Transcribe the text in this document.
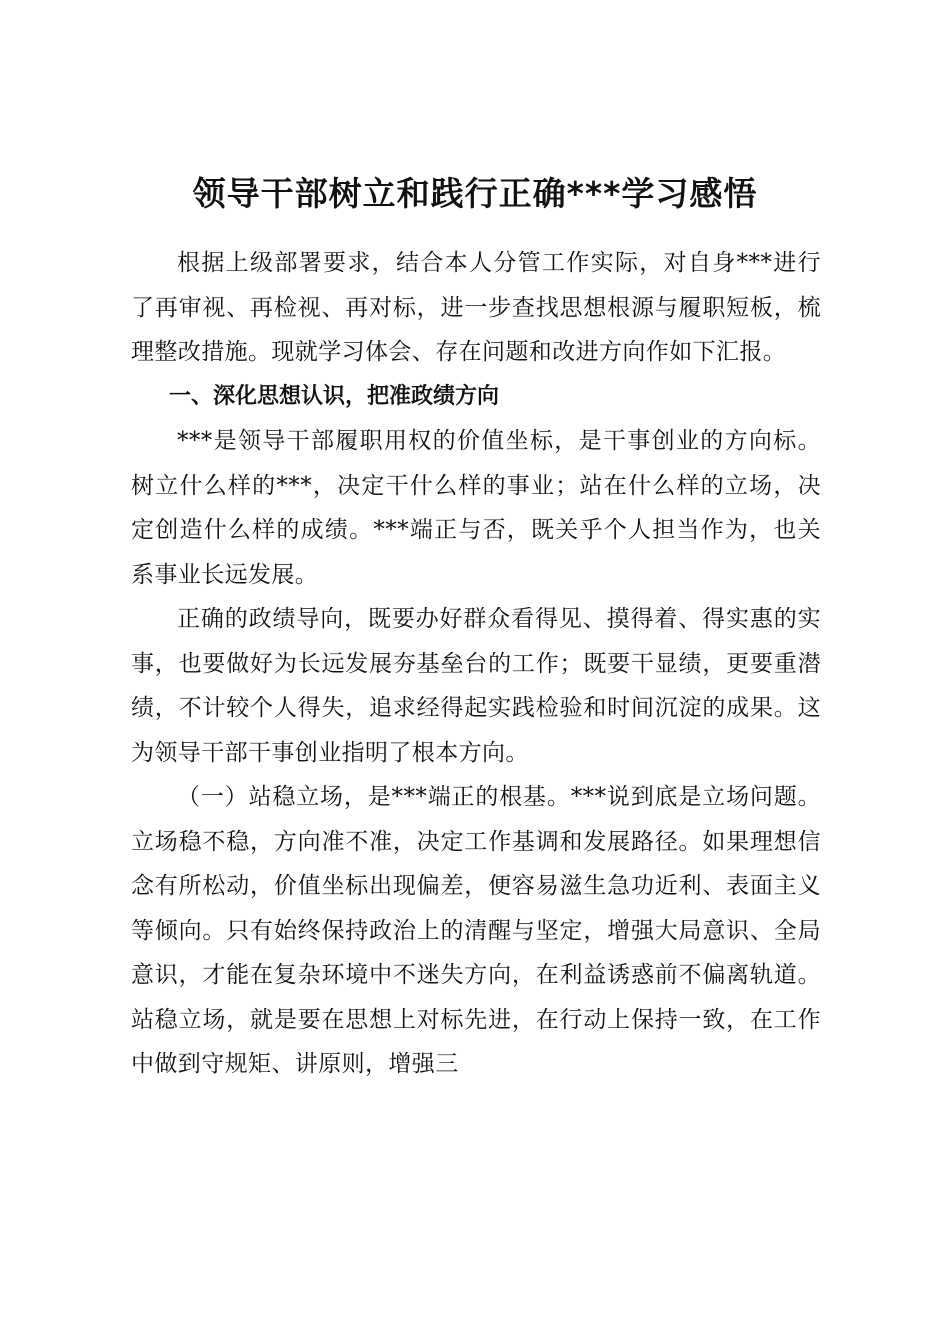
领导干部树立和践行正确***学习感悟

根据上级部署要求，结合本人分管工作实际，对自身***进行了再审视、再检视、再对标，进一步查找思想根源与履职短板，梳理整改措施。现就学习体会、存在问题和改进方向作如下汇报。

一、深化思想认识，把准政绩方向

***是领导干部履职用权的价值坐标，是干事创业的方向标。树立什么样的***，决定干什么样的事业；站在什么样的立场，决定创造什么样的成绩。***端正与否，既关乎个人担当作为，也关系事业长远发展。

正确的政绩导向，既要办好群众看得见、摸得着、得实惠的实事，也要做好为长远发展夯基垒台的工作；既要干显绩，更要重潜绩，不计较个人得失，追求经得起实践检验和时间沉淀的成果。这为领导干部干事创业指明了根本方向。

（一）站稳立场，是***端正的根基。***说到底是立场问题。立场稳不稳，方向准不准，决定工作基调和发展路径。如果理想信念有所松动，价值坐标出现偏差，便容易滋生急功近利、表面主义等倾向。只有始终保持政治上的清醒与坚定，增强大局意识、全局意识，才能在复杂环境中不迷失方向，在利益诱惑前不偏离轨道。站稳立场，就是要在思想上对标先进，在行动上保持一致，在工作中做到守规矩、讲原则，增强三
